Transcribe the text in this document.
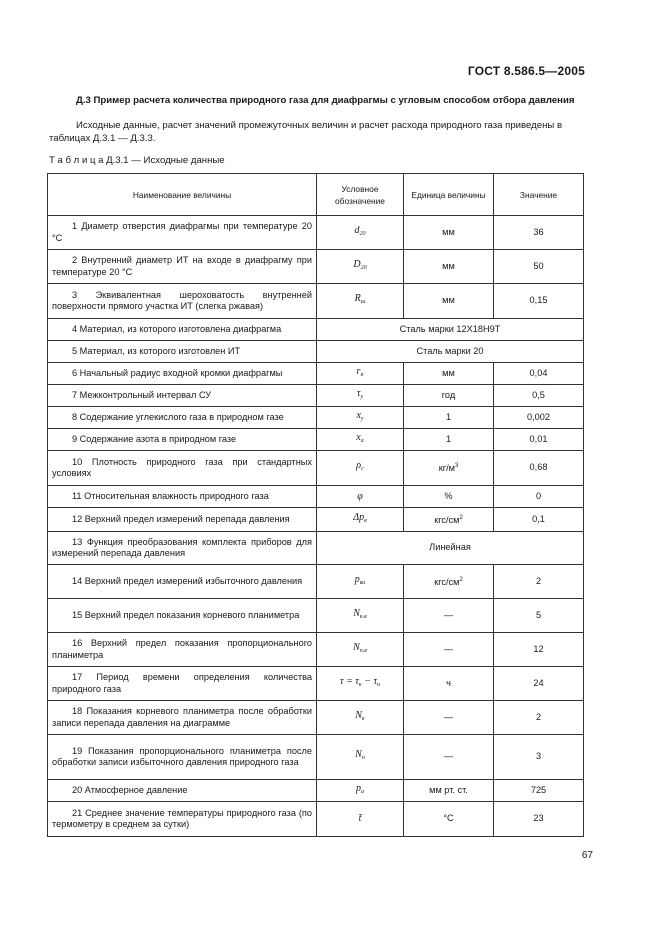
ГОСТ 8.586.5—2005

Д.3 Пример расчета количества природного газа для диафрагмы с угловым способом отбора давления

Исходные данные, расчет значений промежуточных величин и расчет расхода природного газа приведены в таблицах Д.3.1 — Д.3.3.

Т а б л и ц а Д.3.1 — Исходные данные

Наименование величины	Условное обозначение	Единица величины	Значение
1 Диаметр отверстия диафрагмы при температуре 20 °С	$d_{20}$	мм	36
2 Внутренний диаметр ИТ на входе в диафрагму при температуре 20 °С	$D_{20}$	мм	50
3 Эквивалентная шероховатость внутренней поверхности прямого участка ИТ (слегка ржавая)	$R_ш$	мм	0,15
4 Материал, из которого изготовлена диафрагма	Сталь марки 12Х18Н9Т		
5 Материал, из которого изготовлен ИТ	Сталь марки 20		
6 Начальный радиус входной кромки диафрагмы	$r_н$	мм	0,04
7 Межконтрольный интервал СУ	$\tau_у$	год	0,5
8 Содержание углекислого газа в природном газе	$x_у$	1	0,002
9 Содержание азота в природном газе	$x_а$	1	0,01
10 Плотность природного газа при стандартных условиях	$\rho_с$	$кг/м^3$	0,68
11 Относительная влажность природного газа	φ	%	0
12 Верхний предел измерений перепада давления	$\Delta p_в$	кгс/$см^2$	0,1
13 Функция преобразования комплекта приборов для измерений перепада давления	Линейная		
14 Верхний предел измерений избыточного давления	$p_{ви}$	кгс/$см^2$	2
15 Верхний предел показания корневого планиметра	$N_{к.в}$	—	5
16 Верхний предел показания пропорционального планиметра	$N_{п.в}$	—	12
17 Период времени определения количества природного газа	$\tau = \tau_к - \tau_н$	ч	24
18 Показания корневого планиметра после обработки записи перепада давления на диаграмме	$N_к$	—	2
19 Показания пропорционального планиметра после обработки записи избыточного давления природного газа	$N_п$	—	3
20 Атмосферное давление	$p_а$	мм рт. ст.	725
21 Среднее значение температуры природного газа (по термометру в среднем за сутки)	t̄	°С	23
67
